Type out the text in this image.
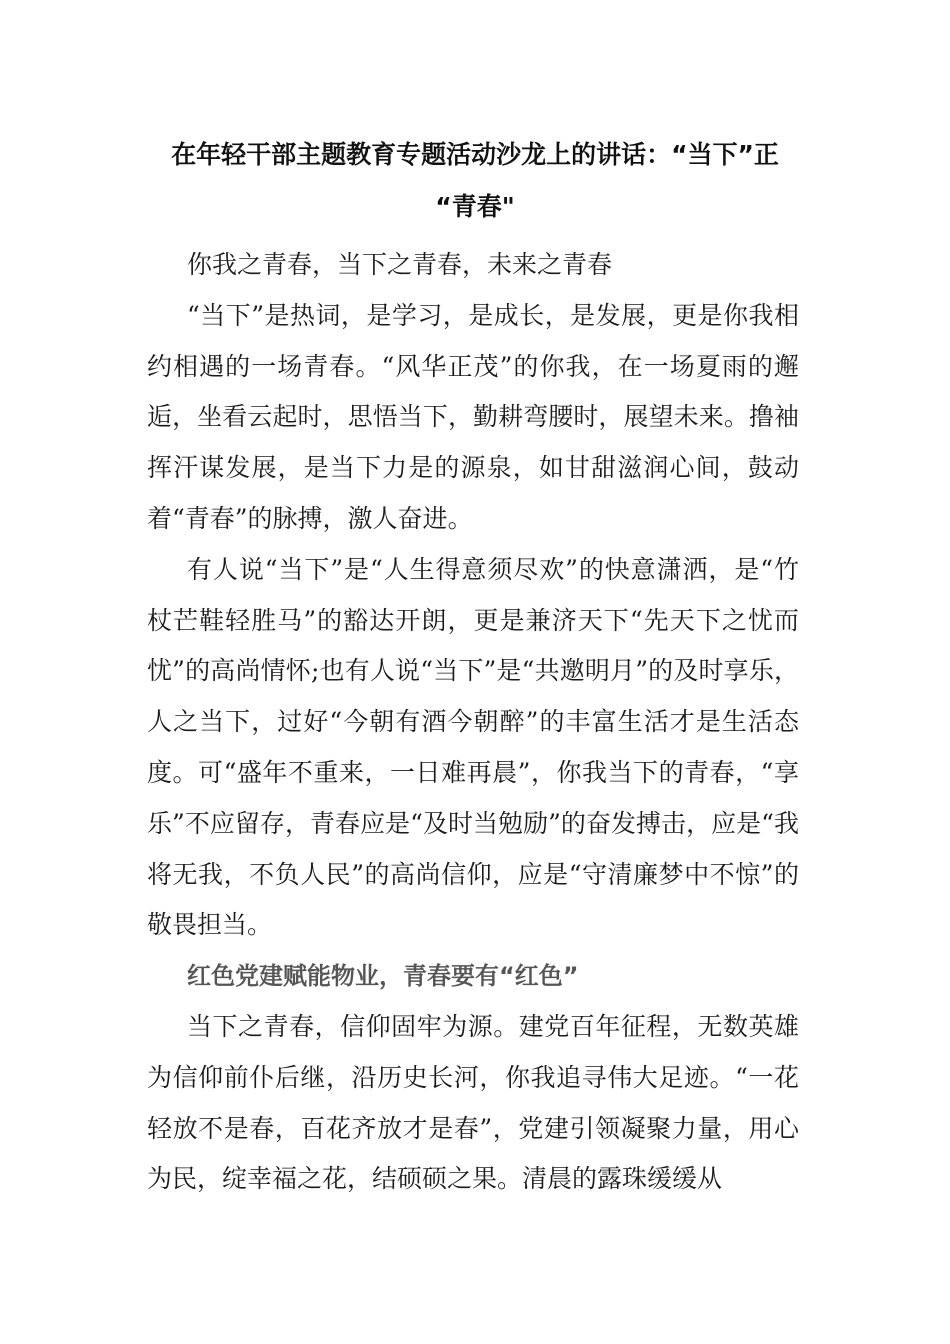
在年轻干部主题教育专题活动沙龙上的讲话：“当下”正
“青春"

你我之青春，当下之青春，未来之青春

“当下”是热词，是学习，是成长，是发展，更是你我相约相遇的一场青春。“风华正茂”的你我，在一场夏雨的邂逅，坐看云起时，思悟当下，勤耕弯腰时，展望未来。撸袖挥汗谋发展，是当下力是的源泉，如甘甜滋润心间，鼓动着“青春”的脉搏，激人奋进。

有人说“当下”是“人生得意须尽欢”的快意潇洒，是“竹杖芒鞋轻胜马”的豁达开朗，更是兼济天下“先天下之忧而忧”的高尚情怀;也有人说“当下”是“共邀明月”的及时享乐，人之当下，过好“今朝有酒今朝醉”的丰富生活才是生活态度。可“盛年不重来，一日难再晨”，你我当下的青春，“享乐”不应留存，青春应是“及时当勉励”的奋发搏击，应是“我将无我，不负人民”的高尚信仰，应是“守清廉梦中不惊”的敬畏担当。

红色党建赋能物业，青春要有“红色”

当下之青春，信仰固牢为源。建党百年征程，无数英雄为信仰前仆后继，沿历史长河，你我追寻伟大足迹。“一花轻放不是春，百花齐放才是春”，党建引领凝聚力量，用心为民，绽幸福之花，结硕硕之果。清晨的露珠缓缓从
